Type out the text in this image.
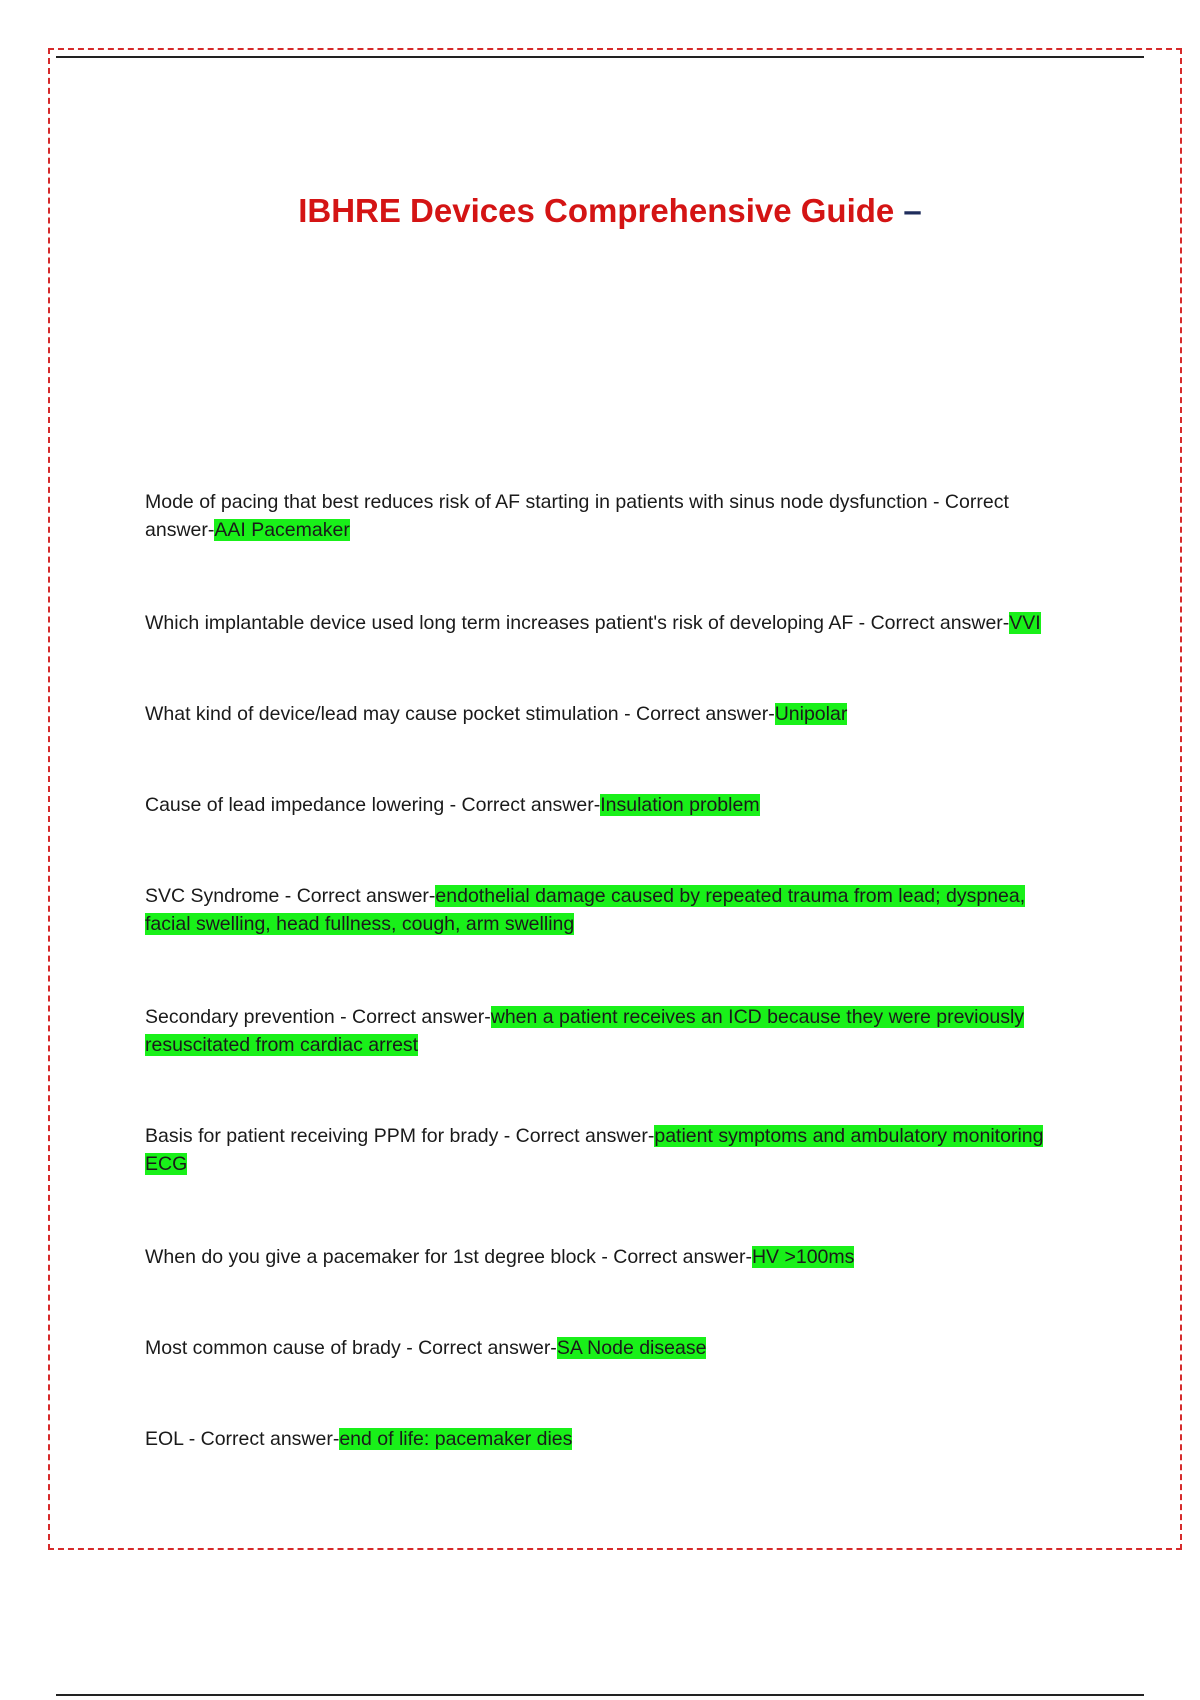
IBHRE Devices Comprehensive Guide –
Mode of pacing that best reduces risk of AF starting in patients with sinus node dysfunction - Correct answer-AAI Pacemaker
Which implantable device used long term increases patient's risk of developing AF - Correct answer-VVI
What kind of device/lead may cause pocket stimulation - Correct answer-Unipolar
Cause of lead impedance lowering - Correct answer-Insulation problem
SVC Syndrome - Correct answer-endothelial damage caused by repeated trauma from lead; dyspnea, facial swelling, head fullness, cough, arm swelling
Secondary prevention - Correct answer-when a patient receives an ICD because they were previously resuscitated from cardiac arrest
Basis for patient receiving PPM for brady - Correct answer-patient symptoms and ambulatory monitoring ECG
When do you give a pacemaker for 1st degree block - Correct answer-HV >100ms
Most common cause of brady - Correct answer-SA Node disease
EOL - Correct answer-end of life: pacemaker dies
